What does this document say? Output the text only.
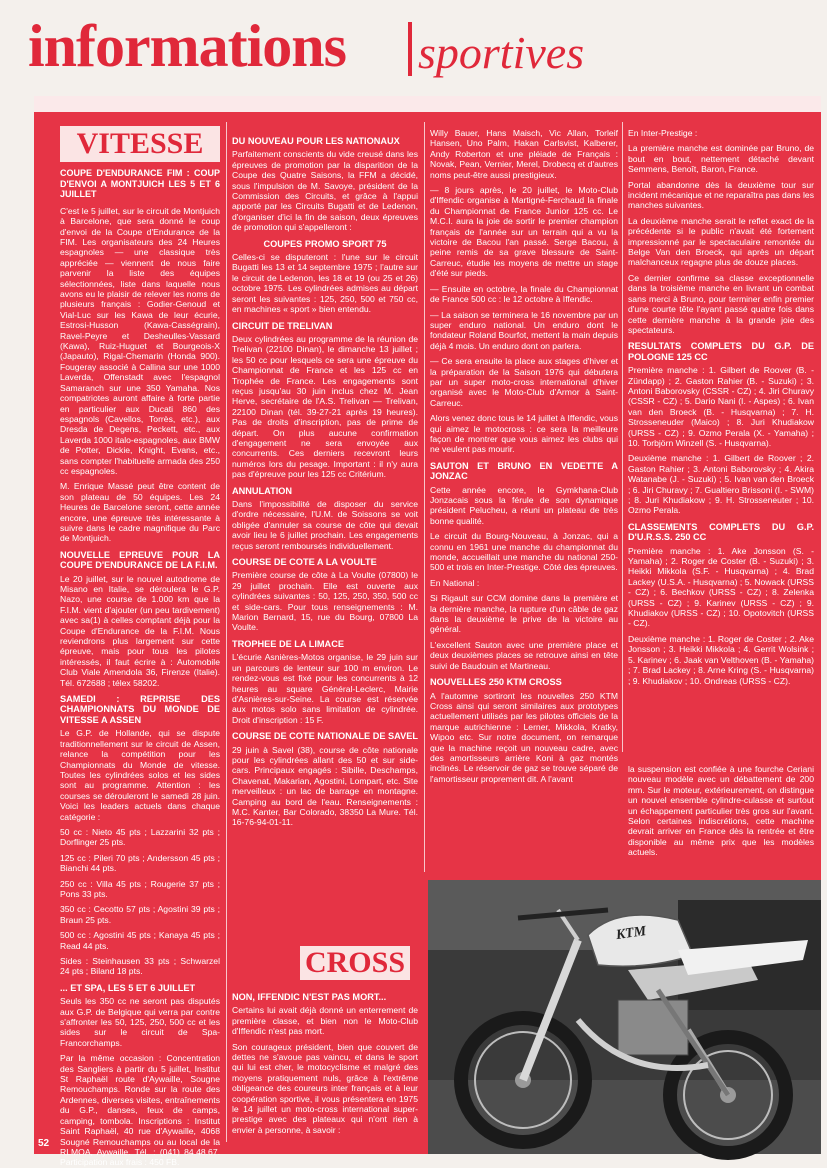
informations sportives
VITESSE
COUPE D'ENDURANCE FIM : COUP D'ENVOI A MONTJUICH LES 5 ET 6 JUILLET

C'est le 5 juillet, sur le circuit de Montjuich à Barcelone, que sera donné le coup d'envoi de la Coupe d'Endurance de la FIM. Les organisateurs des 24 Heures espagnoles — une classique très appréciée — viennent de nous faire parvenir la liste des équipes sélectionnées, liste dans laquelle nous avons eu le plaisir de relever les noms de plusieurs français : Godier-Genoud et Vial-Luc sur les Kawa de leur écurie, Estrosi-Husson (Kawa-Casségrain), Ravel-Peyre et Desheulles-Vassard (Kawa), Ruiz-Huguet et Bourgeois-X (Japauto), Rigal-Chemarin (Honda 900). Fougeray associé à Callina sur une 1000 Laverda, Offenstadt avec l'espagnol Samaranch sur une 350 Yamaha. Nos compatriotes auront affaire à forte partie en particulier aux Ducati 860 des espagnols (Cavellos, Torrès, etc.), aux Dresda de Degens, Peckett, etc., aux Laverda 1000 italo-espagnoles, aux BMW de Potter, Dickie, Knight, Evans, etc., sans compter l'habituelle armada des 250 cc espagnoles.

M. Enrique Massé peut être content de son plateau de 50 équipes. Les 24 Heures de Barcelone seront, cette année encore, une épreuve très intéressante à suivre dans le cadre magnifique du Parc de Montjuich.

NOUVELLE EPREUVE POUR LA COUPE D'ENDURANCE DE LA F.I.M.

Le 20 juillet, sur le nouvel autodrome de Misano en Italie, se déroulera le G.P. Nazo, une course de 1.000 km que la F.I.M. vient d'ajouter (un peu tardivement) avec sa(1) à celles comptant déjà pour la Coupe d'Endurance de la F.I.M. Nous reviendrons plus largement sur cette épreuve, mais pour tous les pilotes intéressés, il faut écrire à : Automobile Club Viale Amendola 36, Firenze (Italie). Tél. 672688 ; télex 58202.

SAMEDI : REPRISE DES CHAMPIONNATS DU MONDE DE VITESSE A ASSEN

Le G.P. de Hollande, qui se dispute traditionnellement sur le circuit de Assen, relance la compétition pour les Championnats du Monde de vitesse. Toutes les cylindrées solos et les sides sont au programme. Attention : les courses se dérouleront le samedi 28 juin. Voici les leaders actuels dans chaque catégorie :

50 cc : Nieto 45 pts ; Lazzarini 32 pts ; Dorflinger 25 pts.

125 cc : Pileri 70 pts ; Andersson 45 pts ; Bianchi 44 pts.

250 cc : Villa 45 pts ; Rougerie 37 pts ; Pons 33 pts.

350 cc : Cecotto 57 pts ; Agostini 39 pts ; Braun 25 pts.

500 cc : Agostini 45 pts ; Kanaya 45 pts ; Read 44 pts.

Sides : Steinhausen 33 pts ; Schwarzel 24 pts ; Biland 18 pts.

... ET SPA, LES 5 ET 6 JUILLET

Seuls les 350 cc ne seront pas disputés aux G.P. de Belgique qui verra par contre s'affronter les 50, 125, 250, 500 cc et les sides sur le circuit de Spa-Francorchamps.

Par la même occasion : Concentration des Sangliers à partir du 5 juillet, Institut St Raphaël route d'Aywaille, Sougne Remouchamps. Ronde sur la route des Ardennes, diverses visites, entraînements du G.P., danses, feux de camps, camping, tombola. Inscriptions : Institut Saint Raphaël, 40 rue d'Aywaille, 4068 Sougné Remouchamps ou au local de la RLMOA, Aywaille. Tél. : (041) 84.48.67. Participation aux frais : 450 FB.

DU NOUVEAU POUR LES NATIONAUX

Parfaitement conscients du vide creusé dans les épreuves de promotion par la disparition de la Coupe des Quatre Saisons, la FFM a décidé, sous l'impulsion de M. Savoye, président de la Commission des Circuits, et grâce à l'appui apporté par les Circuits Bugatti et de Ledenon, d'organiser d'ici la fin de saison, deux épreuves de promotion qui s'appelleront :

COUPES PROMO SPORT 75

Celles-ci se disputeront : l'une sur le circuit Bugatti les 13 et 14 septembre 1975 ; l'autre sur le circuit de Ledenon, les 18 et 19 (ou 25 et 26) octobre 1975. Les cylindrées admises au départ seront les suivantes : 125, 250, 500 et 750 cc, en machines « sport » bien entendu.

CIRCUIT DE TRELIVAN

Deux cylindrées au programme de la réunion de Trelivan (22100 Dinan), le dimanche 13 juillet ; les 50 cc pour lesquels ce sera une épreuve du Championnat de France et les 125 cc en Trophée de France. Les engagements sont reçus jusqu'au 30 juin inclus chez M. Jean Herve, secrétaire de l'A.S. Trelivan — Trelivan, 22100 Dinan (tél. 39-27-21 après 19 heures). Pas de droits d'inscription, pas de prime de départ. On plus aucune confirmation d'engagement ne sera envoyée aux concurrents. Ces derniers recevront leurs numéros lors du pesage. Important : il n'y aura pas d'épreuve pour les 125 cc Critérium.

ANNULATION

Dans l'impossibilité de disposer du service d'ordre nécessaire, l'U.M. de Soissons se voit obligée d'annuler sa course de côte qui devait avoir lieu le 6 juillet prochain. Les engagements reçus seront remboursés individuellement.

COURSE DE COTE A LA VOULTE

Première course de côte à La Voulte (07800) le 29 juillet prochain. Elle est ouverte aux cylindrées suivantes : 50, 125, 250, 350, 500 cc et side-cars. Pour tous renseignements : M. Marion Bernard, 15, rue du Bourg, 07800 La Voulte.

TROPHEE DE LA LIMACE

L'écurie Asnières-Motos organise, le 29 juin sur un parcours de lenteur sur 100 m environ. Le rendez-vous est fixé pour les concurrents à 12 heures au square Général-Leclerc, Mairie d'Asnières-sur-Seine. La course est réservée aux motos solo sans limitation de cylindrée. Droit d'inscription : 15 F.

COURSE DE COTE NATIONALE DE SAVEL

29 juin à Savel (38), course de côte nationale pour les cylindrées allant des 50 et sur side-cars. Principaux engagés : Sibille, Deschamps, Chavenat, Makarian, Agostini, Lompart, etc. Site merveilleux : un lac de barrage en montagne. Camping au bord de l'eau. Renseignements : M.C. Kanter, Bar Colorado, 38350 La Mure. Tél. 16-76-94-01-11.

CROSS
NON, IFFENDIC N'EST PAS MORT...

Certains lui avait déjà donné un enterrement de première classe, et bien non le Moto-Club d'Iffendic n'est pas mort.

Son courageux président, bien que couvert de dettes ne s'avoue pas vaincu, et dans le sport qui lui est cher, le motocyclisme et malgré des moyens pratiquement nuls, grâce à l'extrême obligeance des coureurs inter français et à leur coopération sportive, il vous présentera en 1975 le 14 juillet un moto-cross international super-prestige avec des plateaux qui n'ont rien à envier à personne, à savoir :

Willy Bauer, Hans Maisch, Vic Allan, Torleif Hansen, Uno Palm, Hakan Carlsvist, Kalberer, Andy Roberton et une pléiade de Français : Novak, Pean, Vernier, Merel, Drobecq et d'autres noms peut-être aussi prestigieux.

— 8 jours après, le 20 juillet, le Moto-Club d'Iffendic organise à Martigné-Ferchaud la finale du Championnat de France Junior 125 cc. Le M.C.I. aura la joie de sortir le premier champion français de l'année sur un terrain qui a vu la victoire de Bacou l'an passé. Serge Bacou, à peine remis de sa grave blessure de Saint-Carreuc, étudie les moyens de mettre un stage d'été sur pieds.

— Ensuite en octobre, la finale du Championnat de France 500 cc : le 12 octobre à Iffendic.

— La saison se terminera le 16 novembre par un super enduro national. Un enduro dont le fondateur Roland Bourfot, mettent la main depuis déjà 4 mois. Un enduro dont on parlera.

— Ce sera ensuite la place aux stages d'hiver et la préparation de la Saison 1976 qui débutera par un super moto-cross international d'hiver organisé avec le Moto-Club d'Armor à Saint-Carreuc.

Alors venez donc tous le 14 juillet à Iffendic, vous qui aimez le motocross : ce sera la meilleure façon de montrer que vous aimez les clubs qui ne veulent pas mourir.

SAUTON ET BRUNO EN VEDETTE A JONZAC

Cette année encore, le Gymkhana-Club Jonzacais sous la férule de son dynamique président Pelucheu, a réuni un plateau de très bonne qualité.

Le circuit du Bourg-Nouveau, à Jonzac, qui a connu en 1961 une manche du championnat du monde, accueillait une manche du national 250-500 et trois en Inter-Prestige. Côté des épreuves.

En National :

Si Rigault sur CCM domine dans la première et la dernière manche, la rupture d'un câble de gaz dans la deuxième le prive de la victoire au général.

L'excellent Sauton avec une première place et deux deuxièmes places se retrouve ainsi en tête suivi de Baudouin et Martineau.

NOUVELLES 250 KTM CROSS

A l'automne sortiront les nouvelles 250 KTM Cross ainsi qui seront similaires aux prototypes actuellement utilisés par les pilotes officiels de la marque autrichienne : Lerner, Mikkola, Kratky, Wipoo etc. Sur notre document, on remarque que la machine reçoit un nouveau cadre, avec des amortisseurs arrière Koni à gaz montés inclinés. Le réservoir de gaz se trouve séparé de l'amortisseur proprement dit. A l'avant

En Inter-Prestige :

La première manche est dominée par Bruno, de bout en bout, nettement détaché devant Semmens, Benoît, Baron, France.

Portal abandonne dès la deuxième tour sur incident mécanique et ne reparaîtra pas dans les manches suivantes.

La deuxième manche serait le reflet exact de la précédente si le public n'avait été fortement impressionné par le spectaculaire remontée du Belge Van den Broeck, qui après un départ malchanceux regagne plus de douze places.

Ce dernier confirme sa classe exceptionnelle dans la troisième manche en livrant un combat sans merci à Bruno, pour terminer enfin premier d'une courte tête l'ayant passé quatre fois dans cette dernière manche à la grande joie des spectateurs.

RESULTATS COMPLETS DU G.P. DE POLOGNE 125 CC

Première manche : 1. Gilbert de Roover (B. - Zündapp) ; 2. Gaston Rahier (B. - Suzuki) ; 3. Antoni Baborovsky (CSSR - CZ) ; 4. Jiri Churavy (CSSR - CZ) ; 5. Dario Nani (I. - Aspes) ; 6. Ivan van den Broeck (B. - Husqvarna) ; 7. H. Strosseneuder (Maico) ; 8. Juri Khudiakow (URSS - CZ) ; 9. Ozmo Perala (X. - Yamaha) ; 10. Torbjörn Winzell (S. - Husqvarna).

Deuxième manche : 1. Gilbert de Roover ; 2. Gaston Rahier ; 3. Antoni Baborovsky ; 4. Akira Watanabe (J. - Suzuki) ; 5. Ivan van den Broeck ; 6. Jiri Churavy ; 7. Gualtiero Brissoni (I. - SWM) ; 8. Juri Khudiakow ; 9. H. Strosseneuter ; 10. Ozmo Perala.

CLASSEMENTS COMPLETS DU G.P. D'U.R.S.S. 250 CC

Première manche : 1. Ake Jonsson (S. - Yamaha) ; 2. Roger de Coster (B. - Suzuki) ; 3. Heikki Mikkola (S.F. - Husqvarna) ; 4. Brad Lackey (U.S.A. - Husqvarna) ; 5. Nowack (URSS - CZ) ; 6. Bechkov (URSS - CZ) ; 8. Zelenka (URSS - CZ) ; 9. Karinev (URSS - CZ) ; 9. Khudiakov (URSS - CZ) ; 10. Opotovitch (URSS - CZ).

Deuxième manche : 1. Roger de Coster ; 2. Ake Jonsson ; 3. Heikki Mikkola ; 4. Gerrit Wolsink ; 5. Karinev ; 6. Jaak van Velthoven (B. - Yamaha) ; 7. Brad Lackey ; 8. Arne Kring (S. - Husqvarna) ; 9. Khudiakov ; 10. Ondreas (URSS - CZ).

la suspension est confiée à une fourche Ceriani nouveau modèle avec un débattement de 200 mm. Sur le moteur, extérieurement, on distingue un nouvel ensemble cylindre-culasse et surtout un échappement particulier très gros sur l'avant. Selon certaines indiscrétions, cette machine devrait arriver en France dès la rentrée et être disponible au même prix que les modèles actuels.

KTM
52
